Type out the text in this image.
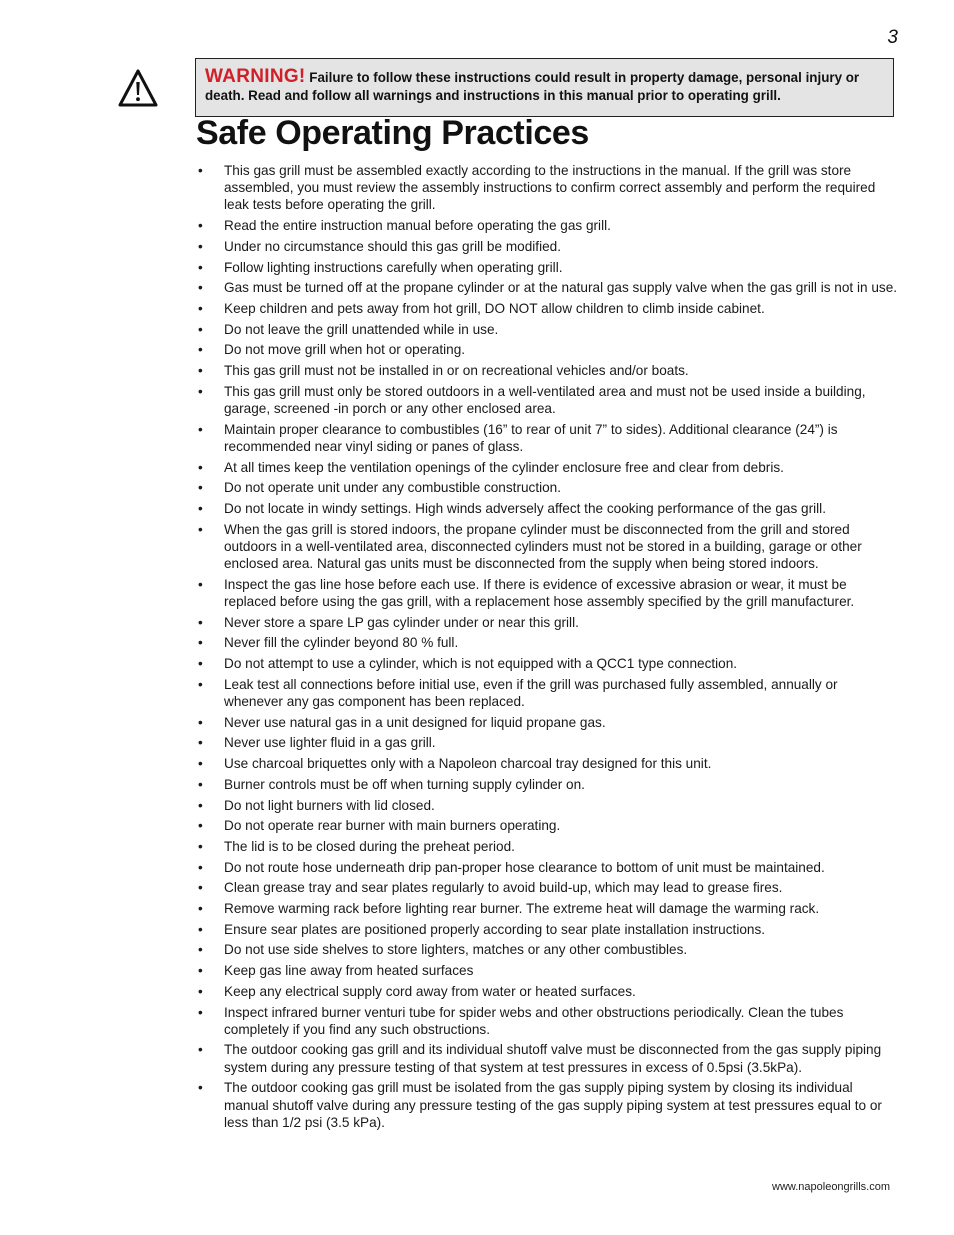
3
WARNING! Failure to follow these instructions could result in property damage, personal injury or death. Read and follow all warnings and instructions in this manual prior to operating grill.
Safe Operating Practices
• This gas grill must be assembled exactly according to the instructions in the manual. If the grill was store assembled, you must review the assembly instructions to confirm correct assembly and perform the required leak tests before operating the grill.
• Read the entire instruction manual before operating the gas grill.
• Under no circumstance should this gas grill be modified.
• Follow lighting instructions carefully when operating grill.
• Gas must be turned off at the propane cylinder or at the natural gas supply valve when the gas grill is not in use.
• Keep children and pets away from hot grill, DO NOT allow children to climb inside cabinet.
• Do not leave the grill unattended while in use.
• Do not move grill when hot or operating.
• This gas grill must not be installed in or on recreational vehicles and/or boats.
• This gas grill must only be stored outdoors in a well-ventilated area and must not be used inside a building, garage, screened -in porch or any other enclosed area.
• Maintain proper clearance to combustibles (16” to rear of unit 7” to sides). Additional clearance (24”) is recommended near vinyl siding or panes of glass.
• At all times keep the ventilation openings of the cylinder enclosure free and clear from debris.
• Do not operate unit under any combustible construction.
• Do not locate in windy settings. High winds adversely affect the cooking performance of the gas grill.
• When the gas grill is stored indoors, the propane cylinder must be disconnected from the grill and stored outdoors in a well-ventilated area, disconnected cylinders must not be stored in a building, garage or other enclosed area. Natural gas units must be disconnected from the supply when being stored indoors.
• Inspect the gas line hose before each use. If there is evidence of excessive abrasion or wear, it must be replaced before using the gas grill, with a replacement hose assembly specified by the grill manufacturer.
• Never store a spare LP gas cylinder under or near this grill.
• Never fill the cylinder beyond 80 % full.
• Do not attempt to use a cylinder, which is not equipped with a QCC1 type connection.
• Leak test all connections before initial use, even if the grill was purchased fully assembled, annually or whenever any gas component has been replaced.
• Never use natural gas in a unit designed for liquid propane gas.
• Never use lighter fluid in a gas grill.
• Use charcoal briquettes only with a Napoleon charcoal tray designed for this unit.
• Burner controls must be off when turning supply cylinder on.
• Do not light burners with lid closed.
• Do not operate rear burner with main burners operating.
• The lid is to be closed during the preheat period.
• Do not route hose underneath drip pan-proper hose clearance to bottom of unit must be maintained.
• Clean grease tray and sear plates regularly to avoid build-up, which may lead to grease fires.
• Remove warming rack before lighting rear burner. The extreme heat will damage the warming rack.
• Ensure sear plates are positioned properly according to sear plate installation instructions.
• Do not use side shelves to store lighters, matches or any other combustibles.
• Keep gas line away from heated surfaces
• Keep any electrical supply cord away from water or heated surfaces.
• Inspect infrared burner venturi tube for spider webs and other obstructions periodically. Clean the tubes completely if you find any such obstructions.
• The outdoor cooking gas grill and its individual shutoff valve must be disconnected from the gas supply piping system during any pressure testing of that system at test pressures in excess of 0.5psi (3.5kPa).
• The outdoor cooking gas grill must be isolated from the gas supply piping system by closing its individual manual shutoff valve during any pressure testing of the gas supply piping system at test pressures equal to or less than 1/2 psi (3.5 kPa).
www.napoleongrills.com
